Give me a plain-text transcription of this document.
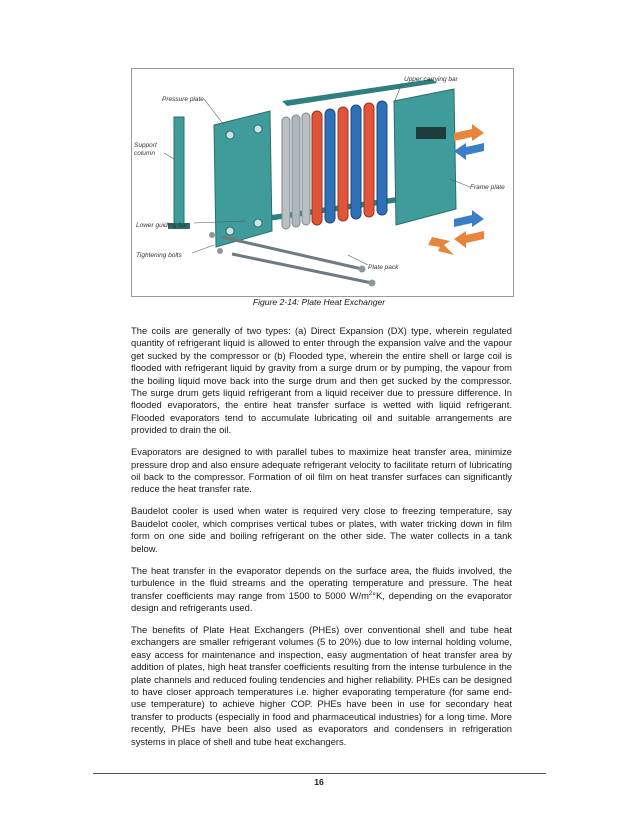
Upper carrying bar
Pressure plate
Support
column
Frame plate
Lower guiding bar
Tightening bolts
Plate pack
Figure 2-14: Plate Heat Exchanger

The coils are generally of two types: (a) Direct Expansion (DX) type, wherein regulated quantity of refrigerant liquid is allowed to enter through the expansion valve and the vapour get sucked by the compressor or (b) Flooded type, wherein the entire shell or large coil is flooded with refrigerant liquid by gravity from a surge drum or by pumping, the vapour from the boiling liquid move back into the surge drum and then get sucked by the compressor. The surge drum gets liquid refrigerant from a liquid receiver due to pressure difference. In flooded evaporators, the entire heat transfer surface is wetted with liquid refrigerant. Flooded evaporators tend to accumulate lubricating oil and suitable arrangements are provided to drain the oil.

Evaporators are designed to with parallel tubes to maximize heat transfer area, minimize pressure drop and also ensure adequate refrigerant velocity to facilitate return of lubricating oil back to the compressor. Formation of oil film on heat transfer surfaces can significantly reduce the heat transfer rate.

Baudelot cooler is used when water is required very close to freezing temperature, say Baudelot cooler, which comprises vertical tubes or plates, with water tricking down in film form on one side and boiling refrigerant on the other side. The water collects in a tank below.

The heat transfer in the evaporator depends on the surface area, the fluids involved, the turbulence in the fluid streams and the operating temperature and pressure. The heat transfer coefficients may range from 1500 to 5000 $W/m^2^\circ K$, depending on the evaporator design and refrigerants used.

The benefits of Plate Heat Exchangers (PHEs) over conventional shell and tube heat exchangers are smaller refrigerant volumes (5 to 20%) due to low internal holding volume, easy access for maintenance and inspection, easy augmentation of heat transfer area by addition of plates, high heat transfer coefficients resulting from the intense turbulence in the plate channels and reduced fouling tendencies and higher reliability. PHEs can be designed to have closer approach temperatures i.e. higher evaporating temperature (for same end-use temperature) to achieve higher COP. PHEs have been in use for secondary heat transfer to products (especially in food and pharmaceutical industries) for a long time. More recently, PHEs have been also used as evaporators and condensers in refrigeration systems in place of shell and tube heat exchangers.

16
